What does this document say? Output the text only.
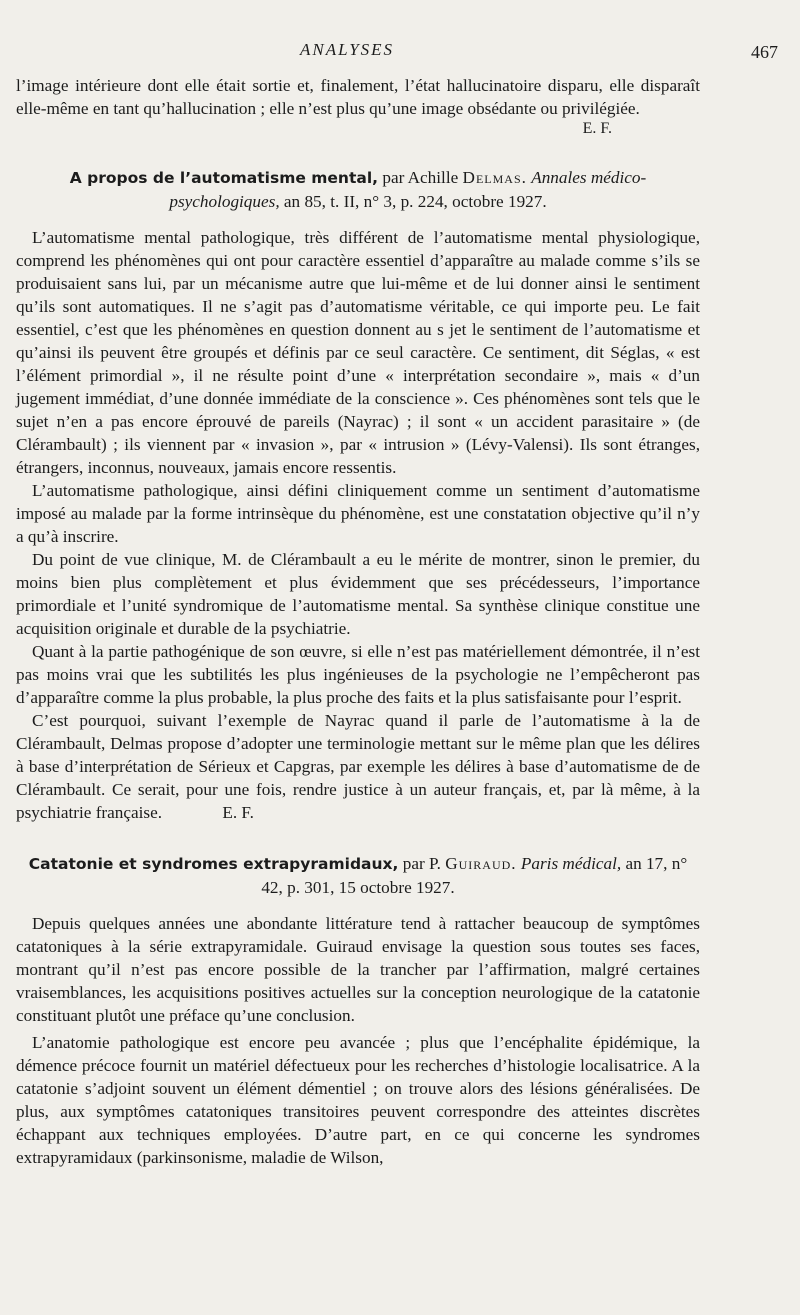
ANALYSES	467

l’image intérieure dont elle était sortie et, finalement, l’état hallucinatoire disparu, elle disparaît elle-même en tant qu’hallucination ; elle n’est plus qu’une image obsédante ou privilégiée.

E. F.
A propos de l’automatisme mental, par Achille Delmas. Annales médico-psychologiques, an 85, t. II, n° 3, p. 224, octobre 1927.

L’automatisme mental pathologique, très différent de l’automatisme mental physiologique, comprend les phénomènes qui ont pour caractère essentiel d’apparaître au malade comme s’ils se produisaient sans lui, par un mécanisme autre que lui-même et de lui donner ainsi le sentiment qu’ils sont automatiques. Il ne s’agit pas d’automatisme véritable, ce qui importe peu. Le fait essentiel, c’est que les phénomènes en question donnent au s jet le sentiment de l’automatisme et qu’ainsi ils peuvent être groupés et définis par ce seul caractère. Ce sentiment, dit Séglas, « est l’élément primordial », il ne résulte point d’une « interprétation secondaire », mais « d’un jugement immédiat, d’une donnée immédiate de la conscience ». Ces phénomènes sont tels que le sujet n’en a pas encore éprouvé de pareils (Nayrac) ; il sont « un accident parasitaire » (de Clérambault) ; ils viennent par « invasion », par « intrusion » (Lévy-Valensi). Ils sont étranges, étrangers, inconnus, nouveaux, jamais encore ressentis.

L’automatisme pathologique, ainsi défini cliniquement comme un sentiment d’automatisme imposé au malade par la forme intrinsèque du phénomène, est une constatation objective qu’il n’y a qu’à inscrire.

Du point de vue clinique, M. de Clérambault a eu le mérite de montrer, sinon le premier, du moins bien plus complètement et plus évidemment que ses précédesseurs, l’importance primordiale et l’unité syndromique de l’automatisme mental. Sa synthèse clinique constitue une acquisition originale et durable de la psychiatrie.

Quant à la partie pathogénique de son œuvre, si elle n’est pas matériellement démontrée, il n’est pas moins vrai que les subtilités les plus ingénieuses de la psychologie ne l’empêcheront pas d’apparaître comme la plus probable, la plus proche des faits et la plus satisfaisante pour l’esprit.

C’est pourquoi, suivant l’exemple de Nayrac quand il parle de l’automatisme à la de Clérambault, Delmas propose d’adopter une terminologie mettant sur le même plan que les délires à base d’interprétation de Sérieux et Capgras, par exemple les délires à base d’automatisme de de Clérambault. Ce serait, pour une fois, rendre justice à un auteur français, et, par là même, à la psychiatrie française.	E. F.

Catatonie et syndromes extrapyramidaux, par P. Guiraud. Paris médical, an 17, n° 42, p. 301, 15 octobre 1927.

Depuis quelques années une abondante littérature tend à rattacher beaucoup de symptômes catatoniques à la série extrapyramidale. Guiraud envisage la question sous toutes ses faces, montrant qu’il n’est pas encore possible de la trancher par l’affirmation, malgré certaines vraisemblances, les acquisitions positives actuelles sur la conception neurologique de la catatonie constituant plutôt une préface qu’une conclusion.

L’anatomie pathologique est encore peu avancée ; plus que l’encéphalite épidémique, la démence précoce fournit un matériel défectueux pour les recherches d’histologie localisatrice. A la catatonie s’adjoint souvent un élément démentiel ; on trouve alors des lésions généralisées. De plus, aux symptômes catatoniques transitoires peuvent correspondre des atteintes discrètes échappant aux techniques employées. D’autre part, en ce qui concerne les syndromes extrapyramidaux (parkinsonisme, maladie de Wilson,
